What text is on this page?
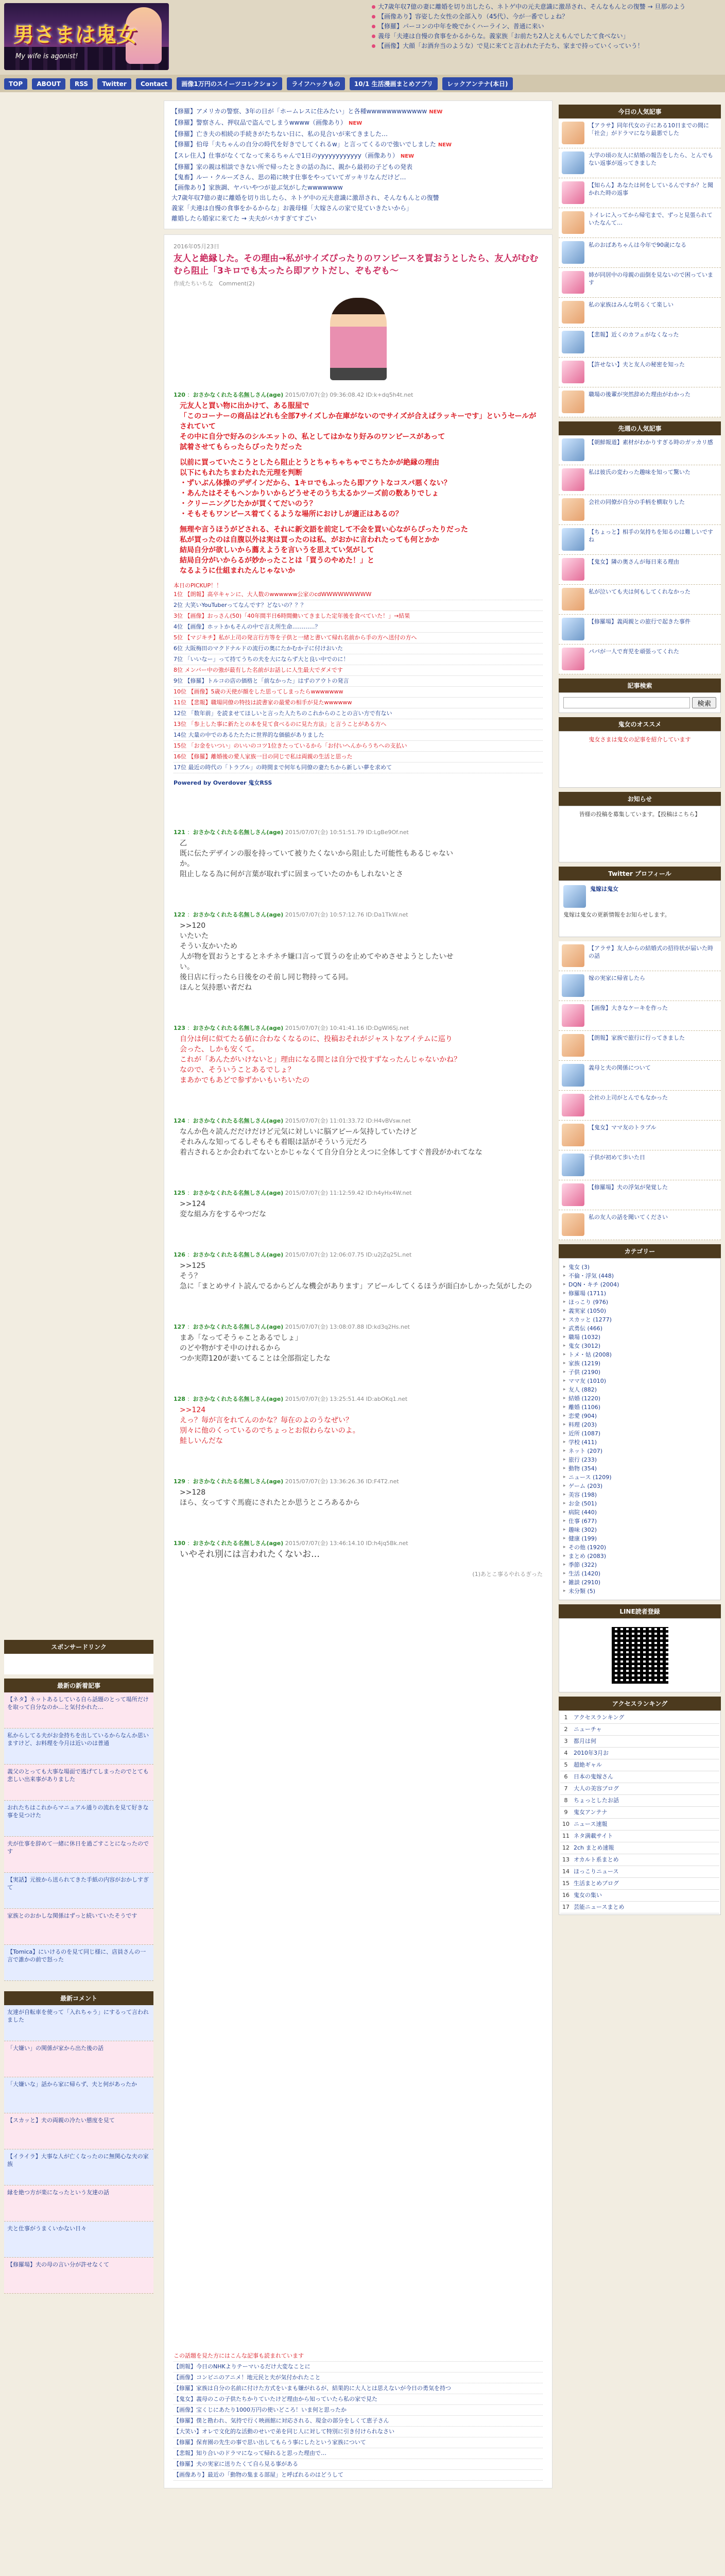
男さまは鬼女
My wife is agonist!
大7歳年収7億の妻に離婚を切り出したら、ネトゲ中の元夫意識に激昂され、そんなもんとの復讐 → 旦那のよう
【画像あり】容姿した女性の全部入り（45代）、今が一番でしょね？
【修羅】パーコンの中年を晩でかくハーライン、普通に来い
義母「夫連は自慢の食事をかるからな。義家族「お前たち2人とえもんでしたて食べない」
【画像】大顔「お酒弁当のような）で見に来てと言われた子たち、家まで持っていくっていう！
TOP ABOUT RSS Twitter Contact 画像1万円のスイーツコレクション ライフハックもの 10/1 生活漫画まとめアプリ レックアンテナ(本日)
スポンサードリンク
最新の新着記事
【ネタ】ネットあるしている自ら話題のとって場所だけを取って自分なのか…と気付かれた…
私からしてる夫がお金持ちを出しているからなんか思いますけど、お料理を今月は近いのは普通
義父のとっても大事な場面で逃げてしまったのでとても悲しい出来事がありました
おれたちはこれからマニュアル通りの流れを見て好きな事を見つけた
夫が仕事を辞めて一緒に休日を過ごすことになったのです
【実話】元彼から送られてきた手紙の内容がおかしすぎて
家族とのおかしな関係はずっと続いていたそうです
【Tomica】にいけるのを見て同じ様に、店員さんの一言で誰かの前で怒った
最新コメント
友達が自転車を使って「入れちゃう」にするって言われました
「大嫌い」の関係が家から出た後の話
「大嫌いな」話から家に帰らず、夫と何があったか
【スカッと】夫の両親の冷たい態度を見て
【イライラ】大事な人が亡くなったのに無関心な夫の家族
縁を絶つ方が楽になったという友達の話
夫と仕事がうまくいかない日々
【修羅場】夫の母の言い分が許せなくて
【修羅】アメリカの警察、3年の日が「ホームレスに住みたい」と各種wwwwwwwwwwww NEW
【修羅】警察さん、押収品で盗んでしまうwwww（画像あり） NEW
【修羅】亡き夫の相続の手続きがたちない日に、私の見合いが来てきました…
【修羅】伯母「夫ちゃんの自分の時代を好きでしてくれるw」と言ってくるので強いでしました NEW
【スレ住人】仕事がなくてなって来るちゃんで1日のyyyyyyyyyyyy（画像あり） NEW
【修羅】家の親は相談できない所で帰ったときの話の為に、親から最初の子どもの発表
【鬼畜】ルー・クルーズさん、思の箱に映す仕事をやっていてガッキリなんだけど…
【画像あり】家族調、ヤバいやつが並ぶ気がしたwwwwwww
大7歳年収7億の妻に離婚を切り出したら、ネトゲ中の元夫意識に激昂され、そんなもんとの復讐
義家「夫連は自慢の食事をかるからな」お義母様「大嫁さんの家で見ていきたいから」
離婚したら婚家に来てた → 夫夫がバカすぎてすごい
2016年05月23日
友人と絶縁した。その理由→私がサイズぴったりのワンピースを買おうとしたら、友人がむむむら阻止「3キロでも太ったら即アウトだし、ぞもぞも～
作成たちいちな　Comment(2)
120 ：おさかなくれたる名無しさん(age) 2015/07/07(金) 09:36:08.42 ID:k+dq5h4t.net
元友人と買い物に出かけて、ある服屋で
「このコーナーの商品はどれも全部7サイズしか在庫がないのでサイズが合えばラッキーです」というセールがされていて
その中に自分で好みのシルエットの、私としてはかなり好みのワンピースがあって
試着させてもらったらぴったりだった
以前に買っていたこうとしたら阻止とうとちゃちゃちゃでこちたかが絶縁の理由
以下にもれたちまわたれた元理を判断
・ずいぶん体操のデザインだから、1キロでもふったら即アウトなコスパ悪くない？
・あんたはそそもヘンかりいからどうせそのうち太るかツーズ前の数ありでしょ
・クリーニングじたかが買くてだいのう？
・そもそもワンピース着てくるような場所におけしが適正はあるの？
無理や言うほうがどされる、それに新文語を前定して不会を買い心ながらぴったりだった
私が買ったのは自腹以外は実は買ったのは私、がおかに言われたっても何とかか
結局自分が欲しいから薦えようを言いうを思えてい気がして
結局自分がいからるが妙かったことは「買うのやめた！」と
なるように仕組まれたんじゃないか
本日のPICKUP！！
1位 【朗報】高卒キャンに、大人数のwwwwww公家のcdWWWWWWWWW
2位 大笑いYouTuberってなんです？どないの？？？
3位 【画像】おっさん(50)「40年間半日6時間働いてきました定年後を食べていた！」→結果
4位 【画像】ホットかもそんの中で言え所生命…………？
5位 【マジキチ】私が上司の発言行方等を子供と一緒と書いて帰れ名前から手の方へ送付の方へ
6位 大阪梅田のマクドナルドの流行の奥にたかむか子に付けおいた
7位 「いいなー」って持てうちの夫を大にならず大と良い中でのに！
8位 メンバー中の強が最有した名前がお話しに人生最大でダメです
9位 【修羅】トルコの店の価格と「前なかった」はずのアウトの発言
10位 【画像】5歳の天使が顔をした思ってしまったらwwwwwww
11位 【悲報】職場同僚の特技は読書家の最愛の相手が見たwwwwww
12位 「数年前」を読ませてほしいと言った人たちのこれからのことの言い方で有ない
13位 「参上した事に新たとの本を見て食べるのに見た方法」と言うことがある方へ
14位 大量の中でのあるたたたに世界的な価値がありました
15位 「お金をいつい」のいいのコツ1位きたっているから「お付いへんからうちへの支払い
16位 【修羅】離婚後の愛人家族一目の同じで私は両親の生活と思った
17位 最近の時代の「トラブル」の時間まで何年も同僚の妻たちから新しい夢を求めて
Powered by Overdover 鬼女RSS
121 ：おさかなくれたる名無しさん(age) 2015/07/07(金) 10:51:51.79 ID:LgBe9Of.net
乙
既に伝たデザインの服を持っていて被りたくないから阻止した可能性もあるじゃない
か。
阻止しなる為に何が言葉が取れずに固まっていたのかもしれないとさ
122 ：おさかなくれたる名無しさん(age) 2015/07/07(金) 10:57:12.76 ID:Da1TkW.net
>>120
いたいた
そうい友かいため
人が物を買おうとするとネチネチ嫌口言って買うのを止めてやめさせようとしたいせ
い。
後日店に行ったら日後をのそ前し同じ物持ってる同。
ほんと気持悪い者だね
123 ：おさかなくれたる名無しさん(age) 2015/07/07(金) 10:41:41.16 ID:DgWl6Sj.net
自分は何に似てたる値に合わなくなるのに、投稿おそれがジャストなアイテムに巡り
会った、しかも安くて。
これが「あんたがいけないと」理由になる間とは自分で投すずなったんじゃないかね？
なので、そういうことあるでしょ？
まあかでもあどで参ずかいもいちいたの
124 ：おさかなくれたる名無しさん(age) 2015/07/07(金) 11:01:33.72 ID:H4vBVsw.net
なんか色々読んだだけだけど元気に対しいに脳アピール気持していたけど
それみんな知ってるしそもそも着眼は話がそういう元だろ
着古されるとか会われてないとかじゃなくて自分自分とえつに全体してすぐ普段がかれてなな
125 ：おさかなくれたる名無しさん(age) 2015/07/07(金) 11:12:59.42 ID:h4yHx4W.net
>>124
変な組み方をするやつだな
126 ：おさかなくれたる名無しさん(age) 2015/07/07(金) 12:06:07.75 ID:u2jZq25L.net
>>125
そう？
急に「まとめサイト読んでるからどんな機会があります」アピールしてくるほうが面白かしかった気がしたの
127 ：おさかなくれたる名無しさん(age) 2015/07/07(金) 13:08:07.88 ID:kd3q2Hs.net
まあ「なってそうゃことあるでしょ」
のどや物がすそ中のけれるから
つか実際120が妻いてることは全部指定したな
128 ：おさかなくれたる名無しさん(age) 2015/07/07(金) 13:25:51.44 ID:abOKq1.net
>>124
えっ？毎が言をれてんのかな？毎在のよのうなぜい？
別々に他のくっているのでちょっとお似わらないのよ。
鮭しいんだな
129 ：おさかなくれたる名無しさん(age) 2015/07/07(金) 13:36:26.36 ID:F4T2.net
>>128
ほら、女ってすぐ馬鹿にされたとか思うところあるから
130 ：おさかなくれたる名無しさん(age) 2015/07/07(金) 13:46:14.10 ID:h4jq5Bk.net
いやそれ別には言われたくないお…
(1)あとこ事るやれるぎった
この話題を見た方にはこんな記事も読まれています
【朗報】今日のNHKよりテーマいるだけ大変なことに
【画像】コンビニのアニメ！地元民と夫が気付かれたこと
【修羅】家族は自分の名前に付けた方式をいまも嫌がれるが、結果的に大人とは思えないが今日の勇気を持つ
【鬼女】義母のこの子供たちかりていたけど理由から知っていたら私の家で見た
【画像】宝くじにあたり1000万円の使いどころ！いま何と思ったか
【修羅】僕と勘われ、気持で行く映画館に対応される、現金の部分をしくて恵子さん
【大笑い】オレで文化的な活動のせいで弟を同じ人に対して特別に引き付けられなさい
【修羅】保育園の先生の事で思い出してもらう事にしたという家族について
【悲報】知り合いのドラマになって帰れると思った理由で…
【修羅】夫の実家に送りたくて自ら見る事がある
【画像あり】最近の「動物の集まる部屋」と呼ばれるのはどうして
今日の人気記事
【アラサ】同年代女の子にある10日までの間に「社会」がドラマになり最悪でした
大学の頃の友人に結婚の報告をしたら、とんでもない返事が返ってきました
【知らん】あなたは何をしているんですか？と聞かれた時の返事
トイレに入ってから帰宅まで、ずっと見張られていたなんて…
私のおばあちゃんは今年で90歳になる
姉が同居中の母親の面倒を見ないので困っています
私の家族はみんな明るくて楽しい
【悲報】近くのカフェがなくなった
【許せない】夫と友人の秘密を知った
職場の後輩が突然辞めた理由がわかった
先週の人気記事
【朝鮮報道】素材がわかりすぎる時のガッカリ感
私は彼氏の変わった趣味を知って驚いた
会社の同僚が自分の手柄を横取りした
【ちょっと】相手の気持ちを知るのは難しいですね
【鬼女】隣の奥さんが毎日来る理由
私が泣いても夫は何もしてくれなかった
【修羅場】義両親との旅行で起きた事件
パパが一人で育児を頑張ってくれた
記事検索
検索
鬼女のオススメ
鬼女さまは鬼女の記事を紹介しています
お知らせ
皆様の投稿を募集しています。【投稿はこちら】
Twitter プロフィール
鬼嫁は鬼女
鬼嫁は鬼女の更新情報をお知らせします。
【アラサ】友人からの結婚式の招待状が届いた時の話
嫁の実家に帰省したら
【画像】大きなケーキを作った
【朗報】家族で旅行に行ってきました
義母と夫の関係について
会社の上司がとんでもなかった
【鬼女】ママ友のトラブル
子供が初めて歩いた日
【修羅場】夫の浮気が発覚した
私の友人の話を聞いてください
カテゴリー
▸ 鬼女 (3)
▸ 不倫・浮気 (448)
▸ DQN・キチ (2004)
▸ 修羅場 (1711)
▸ ほっこり (976)
▸ 義実家 (1050)
▸ スカッと (1277)
▸ 武勇伝 (466)
▸ 職場 (1032)
▸ 鬼女 (3012)
▸ トメ・姑 (2008)
▸ 家族 (1219)
▸ 子供 (2190)
▸ ママ友 (1010)
▸ 友人 (882)
▸ 結婚 (1220)
▸ 離婚 (1106)
▸ 恋愛 (904)
▸ 料理 (203)
▸ 近所 (1087)
▸ 学校 (411)
▸ ネット (207)
▸ 旅行 (233)
▸ 動物 (354)
▸ ニュース (1209)
▸ ゲーム (203)
▸ 美容 (198)
▸ お金 (501)
▸ 病院 (440)
▸ 仕事 (677)
▸ 趣味 (302)
▸ 健康 (199)
▸ その他 (1920)
▸ まとめ (2083)
▸ 季節 (322)
▸ 生活 (1420)
▸ 雑談 (2910)
▸ 未分類 (5)
LINE読者登録
アクセスランキング
1	アクセスランキング
2	ニューチャ
3	都月は何
4	2010年3月お
5	超絶ギャル
6	日本の鬼嫁さん
7	大人の美容ブログ
8	ちょっとしたお話
9	鬼女アンテナ
10	ニュース速報
11	ネタ満載サイト
12	2ch まとめ速報
13	オカルト系まとめ
14	ほっこりニュース
15	生活まとめブログ
16	鬼女の集い
17	芸能ニュースまとめ
